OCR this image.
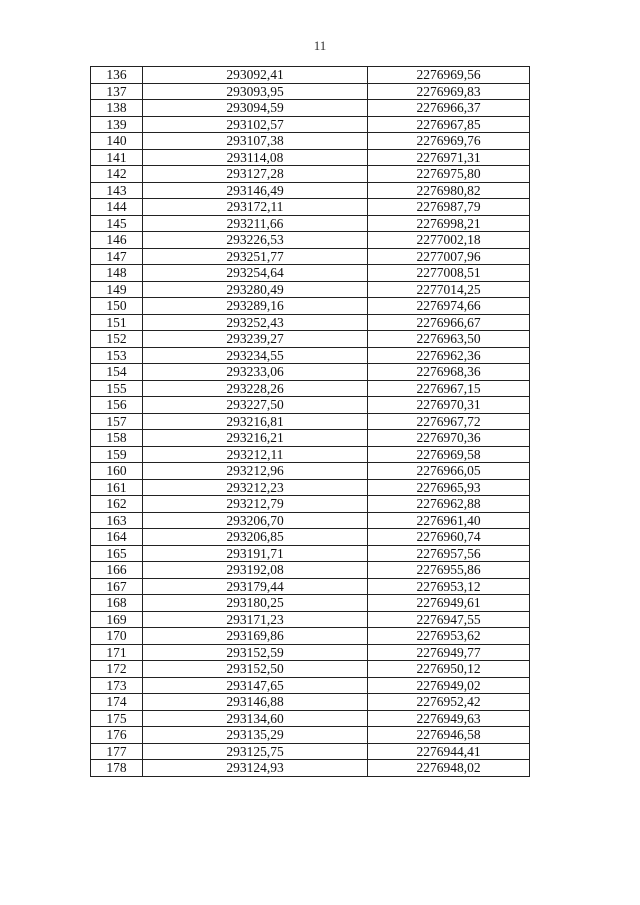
11
136	293092,41	2276969,56
137	293093,95	2276969,83
138	293094,59	2276966,37
139	293102,57	2276967,85
140	293107,38	2276969,76
141	293114,08	2276971,31
142	293127,28	2276975,80
143	293146,49	2276980,82
144	293172,11	2276987,79
145	293211,66	2276998,21
146	293226,53	2277002,18
147	293251,77	2277007,96
148	293254,64	2277008,51
149	293280,49	2277014,25
150	293289,16	2276974,66
151	293252,43	2276966,67
152	293239,27	2276963,50
153	293234,55	2276962,36
154	293233,06	2276968,36
155	293228,26	2276967,15
156	293227,50	2276970,31
157	293216,81	2276967,72
158	293216,21	2276970,36
159	293212,11	2276969,58
160	293212,96	2276966,05
161	293212,23	2276965,93
162	293212,79	2276962,88
163	293206,70	2276961,40
164	293206,85	2276960,74
165	293191,71	2276957,56
166	293192,08	2276955,86
167	293179,44	2276953,12
168	293180,25	2276949,61
169	293171,23	2276947,55
170	293169,86	2276953,62
171	293152,59	2276949,77
172	293152,50	2276950,12
173	293147,65	2276949,02
174	293146,88	2276952,42
175	293134,60	2276949,63
176	293135,29	2276946,58
177	293125,75	2276944,41
178	293124,93	2276948,02
